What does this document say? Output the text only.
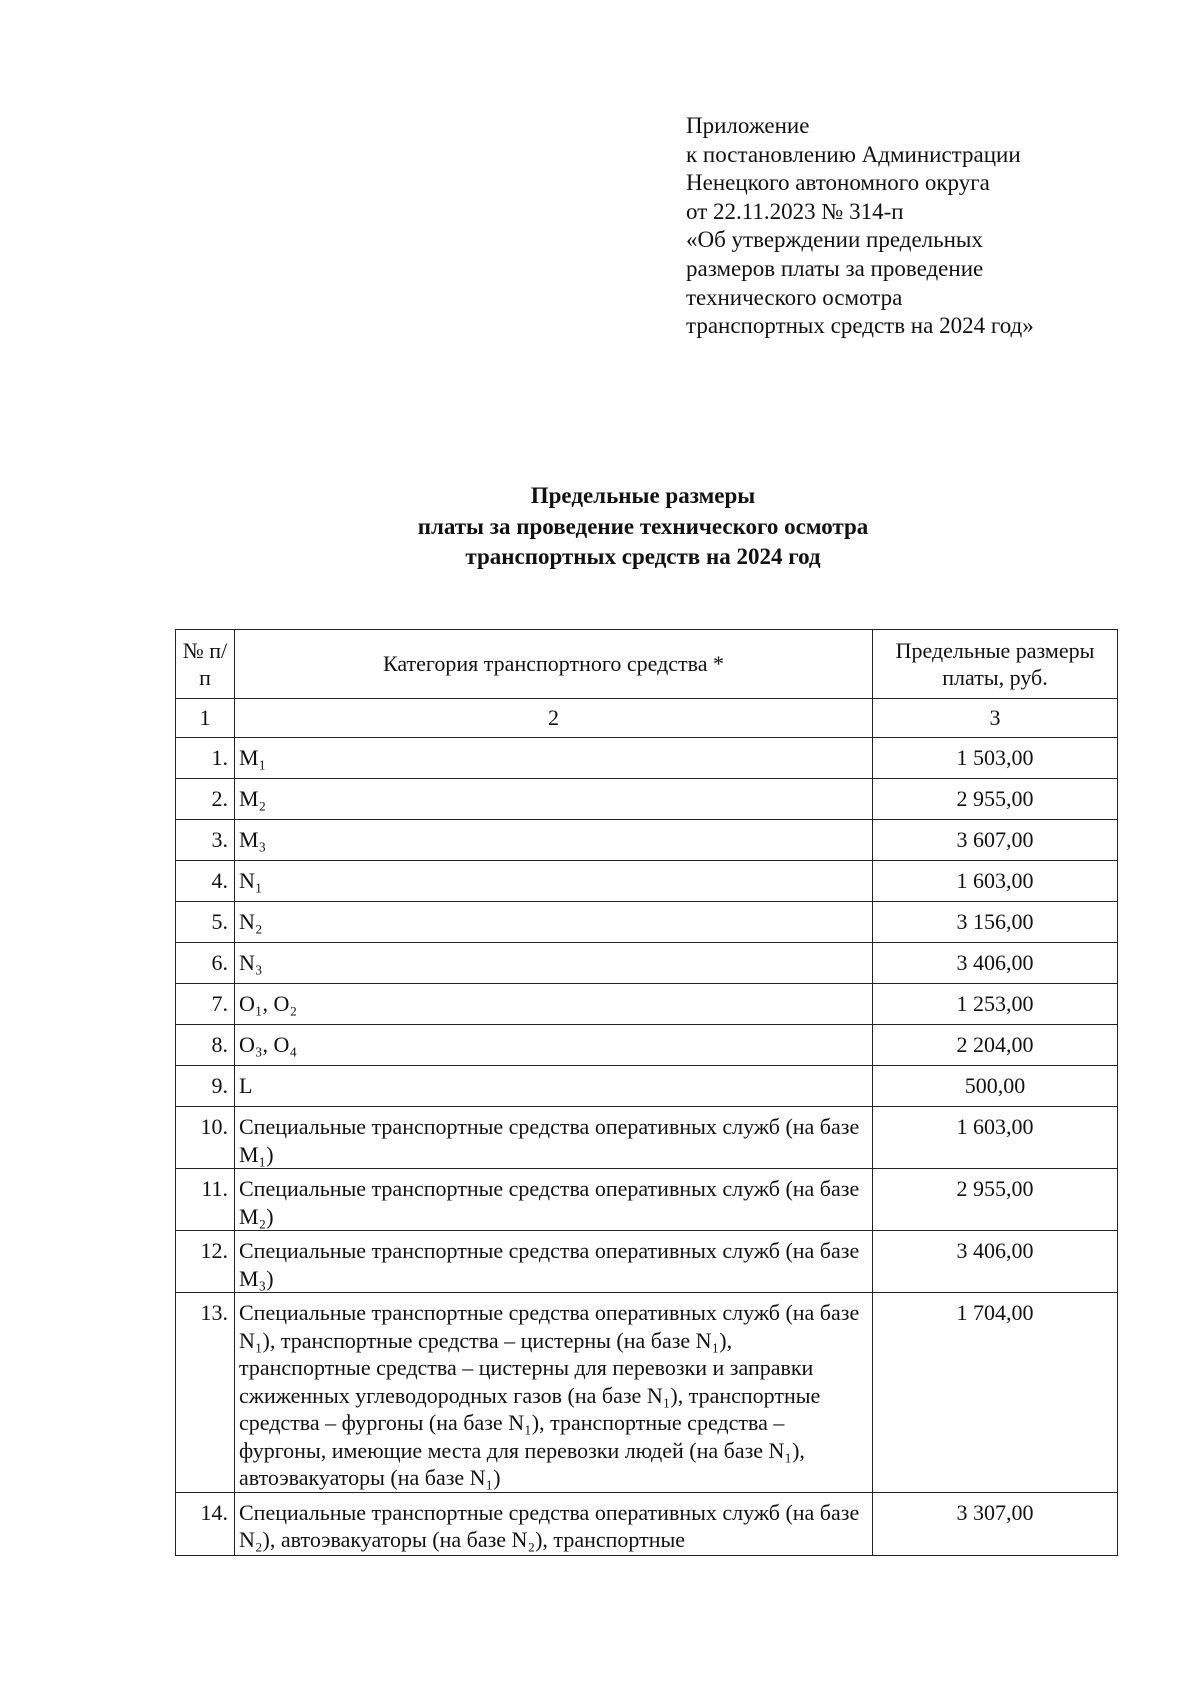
Приложение
к постановлению Администрации
Ненецкого автономного округа
от 22.11.2023 № 314-п
«Об утверждении предельных
размеров платы за проведение
технического осмотра
транспортных средств на 2024 год»
Предельные размеры
платы за проведение технического осмотра
транспортных средств на 2024 год
№ п/п	Категория транспортного средства *	Предельные размеры платы, руб.
1	2	3
1.	M₁	1 503,00
2.	M₂	2 955,00
3.	M₃	3 607,00
4.	N₁	1 603,00
5.	N₂	3 156,00
6.	N₃	3 406,00
7.	O₁, O₂	1 253,00
8.	O₃, O₄	2 204,00
9.	L	500,00
10.	Специальные транспортные средства оперативных служб (на базе M₁)	1 603,00
11.	Специальные транспортные средства оперативных служб (на базе M₂)	2 955,00
12.	Специальные транспортные средства оперативных служб (на базе M₃)	3 406,00
13.	Специальные транспортные средства оперативных служб (на базе N₁), транспортные средства – цистерны (на базе N₁), транспортные средства – цистерны для перевозки и заправки сжиженных углеводородных газов (на базе N₁), транспортные средства – фургоны (на базе N₁), транспортные средства – фургоны, имеющие места для перевозки людей (на базе N₁), автоэвакуаторы (на базе N₁)	1 704,00
14.	Специальные транспортные средства оперативных служб (на базе N₂), автоэвакуаторы (на базе N₂), транспортные	3 307,00
